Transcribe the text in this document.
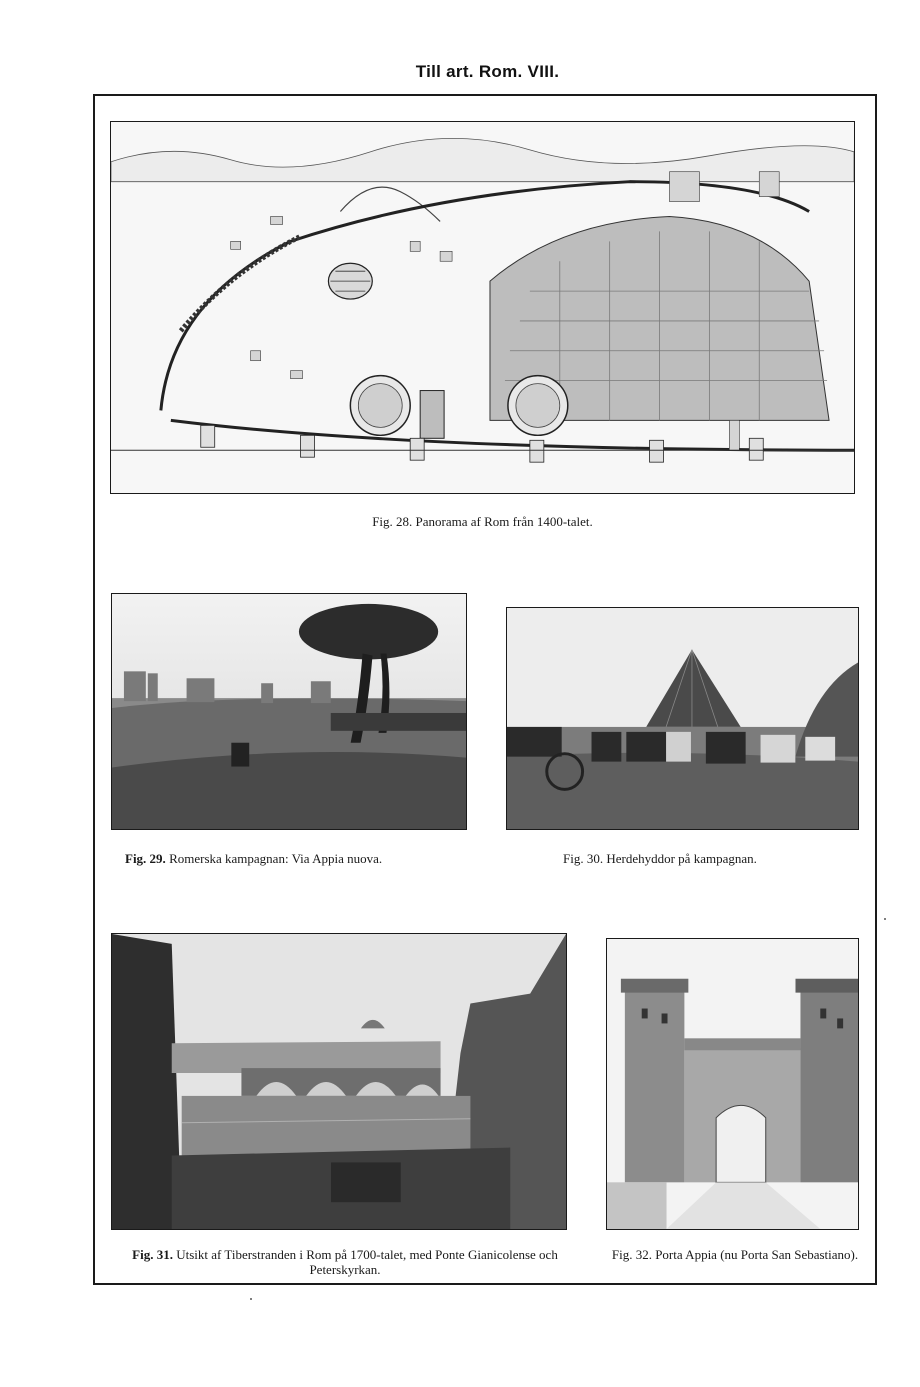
Till art. Rom. VIII.
Fig. 28. Panorama af Rom från 1400-talet.
Fig. 29. Romerska kampagnan: Via Appia nuova.	Fig. 30. Herdehyddor på kampagnan.
Fig. 31. Utsikt af Tiberstranden i Rom på 1700-talet, med Ponte Gianicolense och Peterskyrkan.
Fig. 32. Porta Appia (nu Porta San Sebastiano).
